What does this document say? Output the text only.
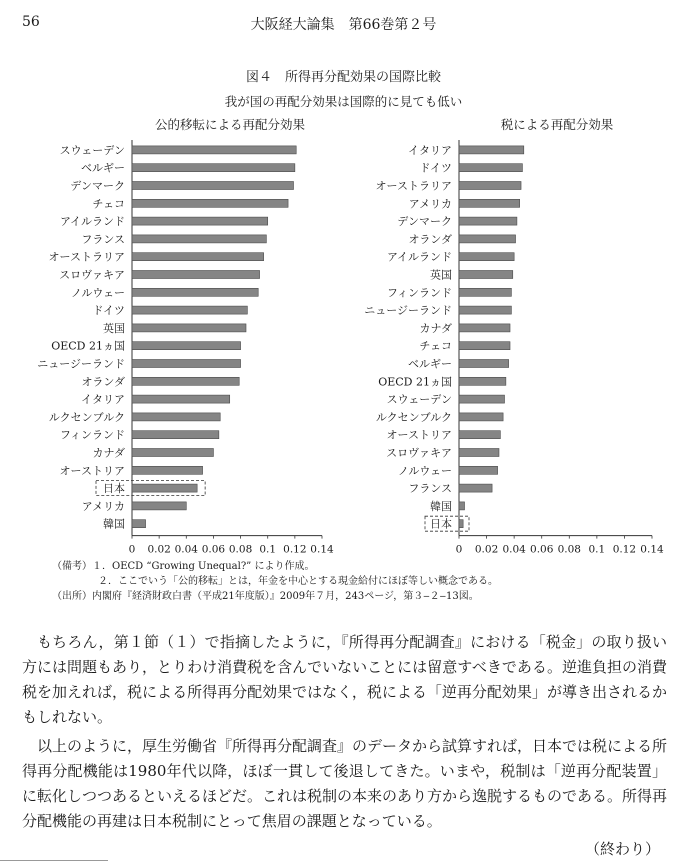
56	大阪経大論集　第66巻第２号
図４　所得再分配効果の国際比較
我が国の再配分効果は国際的に見ても低い
公的移転による再配分効果	税による再配分効果
スウェーデン
ベルギー
デンマーク
チェコ
アイルランド
フランス
オーストラリア
スロヴァキア
ノルウェー
ドイツ
英国
OECD 21ヵ国
ニュージーランド
オランダ
イタリア
ルクセンブルク
フィンランド
カナダ
オーストリア
日本
アメリカ
韓国
0 0.02 0.04 0.06 0.08 0.1 0.12 0.14
イタリア
ドイツ
オーストラリア
アメリカ
デンマーク
オランダ
アイルランド
英国
フィンランド
ニュージーランド
カナダ
チェコ
ベルギー
OECD 21ヵ国
スウェーデン
ルクセンブルク
オーストリア
スロヴァキア
ノルウェー
フランス
韓国
日本
0 0.02 0.04 0.06 0.08 0.1 0.12 0.14
（備考）１．OECD “Growing Unequal?” により作成。
２．ここでいう「公的移転」とは，年金を中心とする現金給付にほぼ等しい概念である。
（出所）内閣府『経済財政白書（平成21年度版）』2009年７月，243ページ，第３‒２‒13図。

もちろん，第１節（１）で指摘したように，『所得再分配調査』における「税金」の取り扱い方には問題もあり，とりわけ消費税を含んでいないことには留意すべきである。逆進負担の消費税を加えれば，税による所得再分配効果ではなく，税による「逆再分配効果」が導き出されるかもしれない。

以上のように，厚生労働省『所得再分配調査』のデータから試算すれば，日本では税による所得再分配機能は1980年代以降，ほぼ一貫して後退してきた。いまや，税制は「逆再分配装置」に転化しつつあるといえるほどだ。これは税制の本来のあり方から逸脱するものである。所得再分配機能の再建は日本税制にとって焦眉の課題となっている。

（終わり）
